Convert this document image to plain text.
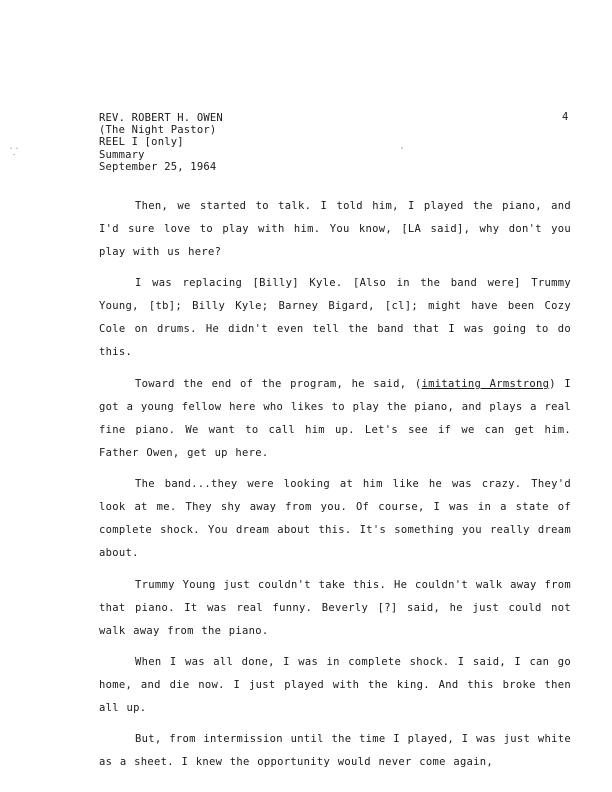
REV. ROBERT H. OWEN
(The Night Pastor)
REEL I [only]
Summary
September 25, 1964
4
⸪
,

Then, we started to talk. I told him, I played the piano, and I'd sure love to play with him. You know, [LA said], why don't you play with us here?

I was replacing [Billy] Kyle. [Also in the band were] Trummy Young, [tb]; Billy Kyle; Barney Bigard, [cl]; might have been Cozy Cole on drums. He didn't even tell the band that I was going to do this.

Toward the end of the program, he said, (imitating Armstrong) I got a young fellow here who likes to play the piano, and plays a real fine piano. We want to call him up. Let's see if we can get him. Father Owen, get up here.

The band...they were looking at him like he was crazy. They'd look at me. They shy away from you. Of course, I was in a state of complete shock. You dream about this. It's something you really dream about.

Trummy Young just couldn't take this. He couldn't walk away from that piano. It was real funny. Beverly [?] said, he just could not walk away from the piano.

When I was all done, I was in complete shock. I said, I can go home, and die now. I just played with the king. And this broke then all up.

But, from intermission until the time I played, I was just white as a sheet. I knew the opportunity would never come again,
